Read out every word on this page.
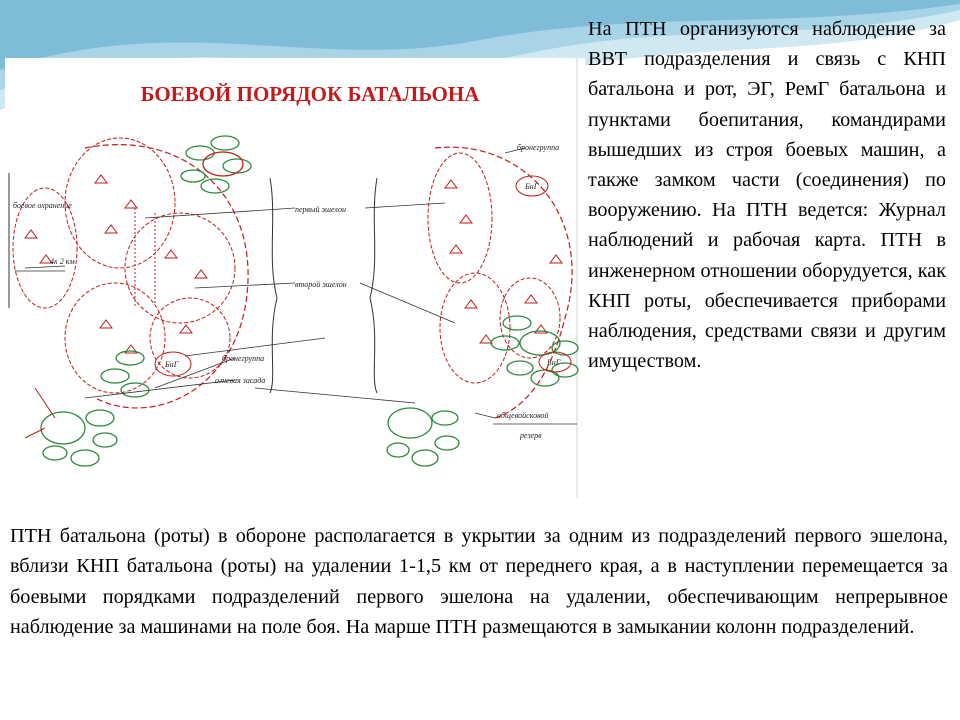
БОЕВОЙ ПОРЯДОК БАТАЛЬОНА
БнГ
БнГ
БнГ
боевое охранение
4к 2 км
первый эшелон
второй эшелон
бронегруппа
огневая засада
бронегруппа
общевойсковой
резерв

На ПТН организуются наблюдение за ВВТ подразделения и связь с КНП батальона и рот, ЭГ, РемГ батальона и пунктами боепитания, командирами вышедших из строя боевых машин, а также замком части (соединения) по вооружению. На ПТН ведется: Журнал наблюдений и рабочая карта. ПТН в инженерном отношении оборудуется, как КНП роты, обеспечивается приборами наблюдения, средствами связи и другим имуществом.

ПТН батальона (роты) в обороне располагается в укрытии за одним из подразделений первого эшелона, вблизи КНП батальона (роты) на удалении 1-1,5 км от переднего края, а в наступлении перемещается за боевыми порядками подразделений первого эшелона на удалении, обеспечивающим непрерывное наблюдение за машинами на поле боя. На марше ПТН размещаются в замыкании колонн подразделений.
